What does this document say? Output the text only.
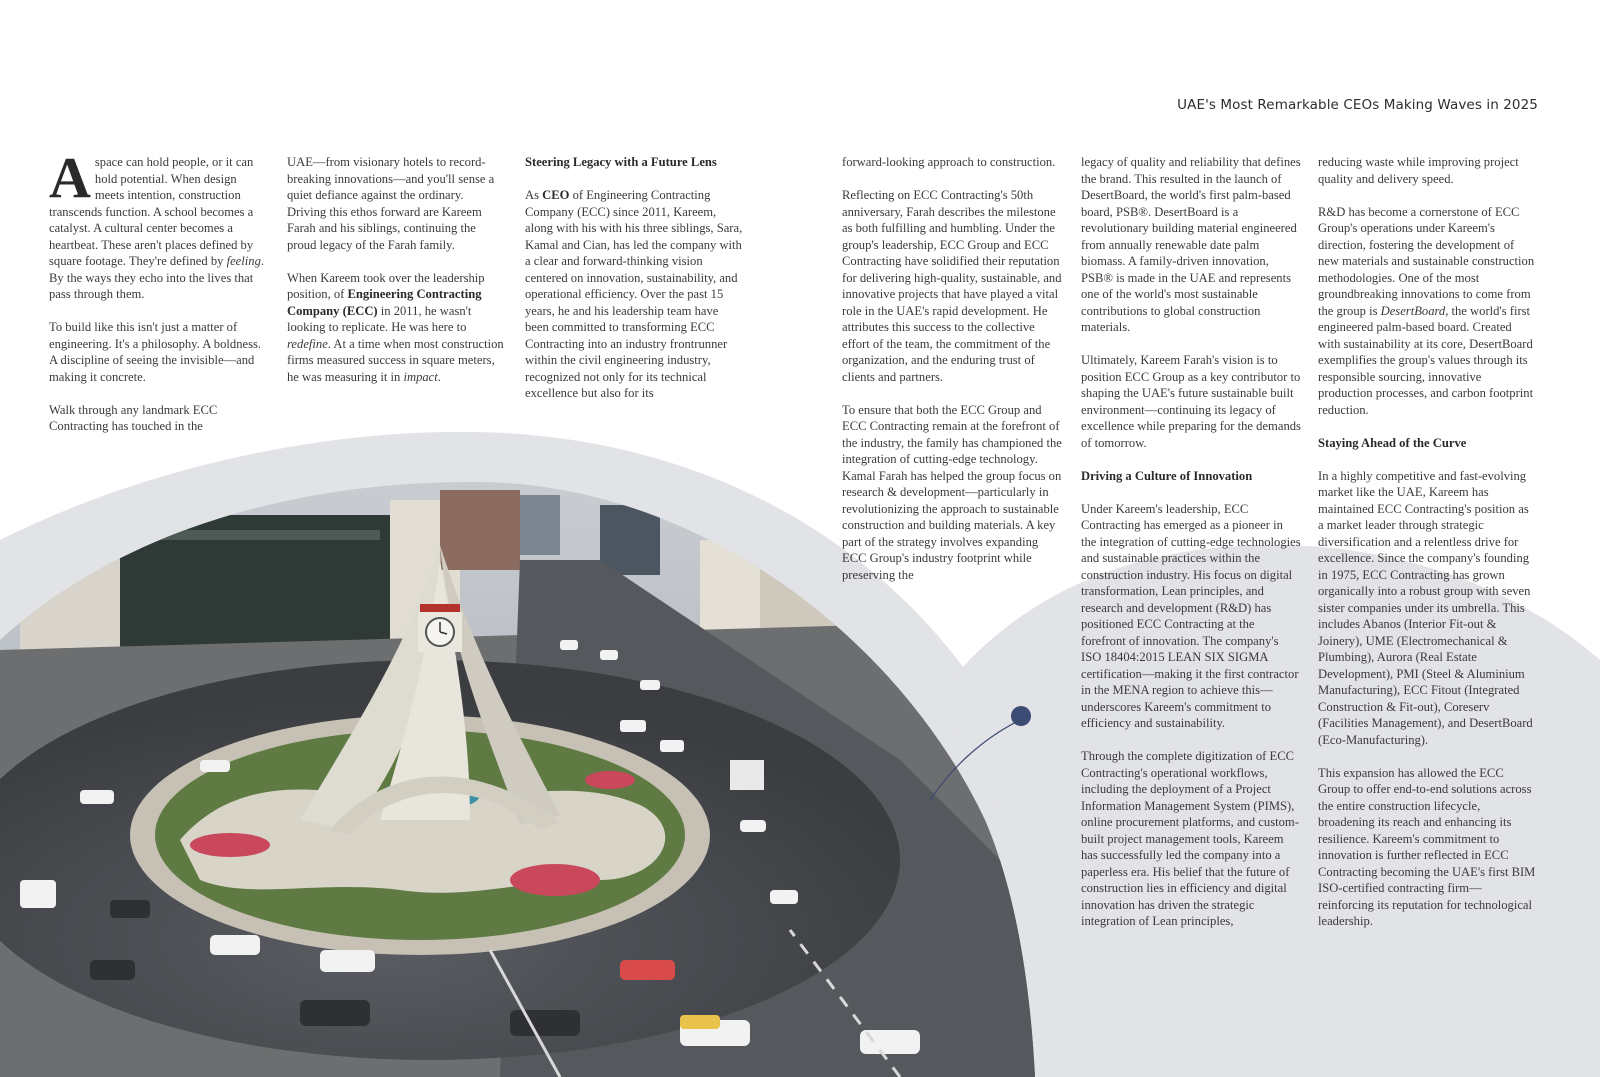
UAE's Most Remarkable CEOs Making Waves in 2025

A space can hold people, or it can hold potential. When design meets intention, construction transcends function. A school becomes a catalyst. A cultural center becomes a heartbeat. These aren't places defined by square footage. They're defined by feeling. By the ways they echo into the lives that pass through them.

To build like this isn't just a matter of engineering. It's a philosophy. A boldness. A discipline of seeing the invisible—and making it concrete.

Walk through any landmark ECC Contracting has touched in the

UAE—from visionary hotels to record-breaking innovations—and you'll sense a quiet defiance against the ordinary. Driving this ethos forward are Kareem Farah and his siblings, continuing the proud legacy of the Farah family.

When Kareem took over the leadership position, of Engineering Contracting Company (ECC) in 2011, he wasn't looking to replicate. He was here to redefine. At a time when most construction firms measured success in square meters, he was measuring it in impact.

Steering Legacy with a Future Lens

As CEO of Engineering Contracting Company (ECC) since 2011, Kareem, along with his with his three siblings, Sara, Kamal and Cian, has led the company with a clear and forward-thinking vision centered on innovation, sustainability, and operational efficiency. Over the past 15 years, he and his leadership team have been committed to transforming ECC Contracting into an industry frontrunner within the civil engineering industry, recognized not only for its technical excellence but also for its

forward-looking approach to construction.

Reflecting on ECC Contracting's 50th anniversary, Farah describes the milestone as both fulfilling and humbling. Under the group's leadership, ECC Group and ECC Contracting have solidified their reputation for delivering high-quality, sustainable, and innovative projects that have played a vital role in the UAE's rapid development. He attributes this success to the collective effort of the team, the commitment of the organization, and the enduring trust of clients and partners.

To ensure that both the ECC Group and ECC Contracting remain at the forefront of the industry, the family has championed the integration of cutting-edge technology. Kamal Farah has helped the group focus on research & development—particularly in revolutionizing the approach to sustainable construction and building materials. A key part of the strategy involves expanding ECC Group's industry footprint while preserving the

legacy of quality and reliability that defines the brand. This resulted in the launch of DesertBoard, the world's first palm-based board, PSB®. DesertBoard is a revolutionary building material engineered from annually renewable date palm biomass. A family-driven innovation, PSB® is made in the UAE and represents one of the world's most sustainable contributions to global construction materials.

Ultimately, Kareem Farah's vision is to position ECC Group as a key contributor to shaping the UAE's future sustainable built environment—continuing its legacy of excellence while preparing for the demands of tomorrow.

Driving a Culture of Innovation

Under Kareem's leadership, ECC Contracting has emerged as a pioneer in the integration of cutting-edge technologies and sustainable practices within the construction industry. His focus on digital transformation, Lean principles, and research and development (R&D) has positioned ECC Contracting at the forefront of innovation. The company's ISO 18404:2015 LEAN SIX SIGMA certification—making it the first contractor in the MENA region to achieve this—underscores Kareem's commitment to efficiency and sustainability.

Through the complete digitization of ECC Contracting's operational workflows, including the deployment of a Project Information Management System (PIMS), online procurement platforms, and custom-built project management tools, Kareem has successfully led the company into a paperless era. His belief that the future of construction lies in efficiency and digital innovation has driven the strategic integration of Lean principles,

reducing waste while improving project quality and delivery speed.

R&D has become a cornerstone of ECC Group's operations under Kareem's direction, fostering the development of new materials and sustainable construction methodologies. One of the most groundbreaking innovations to come from the group is DesertBoard, the world's first engineered palm-based board. Created with sustainability at its core, DesertBoard exemplifies the group's values through its responsible sourcing, innovative production processes, and carbon footprint reduction.

Staying Ahead of the Curve

In a highly competitive and fast-evolving market like the UAE, Kareem has maintained ECC Contracting's position as a market leader through strategic diversification and a relentless drive for excellence. Since the company's founding in 1975, ECC Contracting has grown organically into a robust group with seven sister companies under its umbrella. This includes Abanos (Interior Fit-out & Joinery), UME (Electromechanical & Plumbing), Aurora (Real Estate Development), PMI (Steel & Aluminium Manufacturing), ECC Fitout (Integrated Construction & Fit-out), Coreserv (Facilities Management), and DesertBoard (Eco-Manufacturing).

This expansion has allowed the ECC Group to offer end-to-end solutions across the entire construction lifecycle, broadening its reach and enhancing its resilience. Kareem's commitment to innovation is further reflected in ECC Contracting becoming the UAE's first BIM ISO-certified contracting firm—reinforcing its reputation for technological leadership.
